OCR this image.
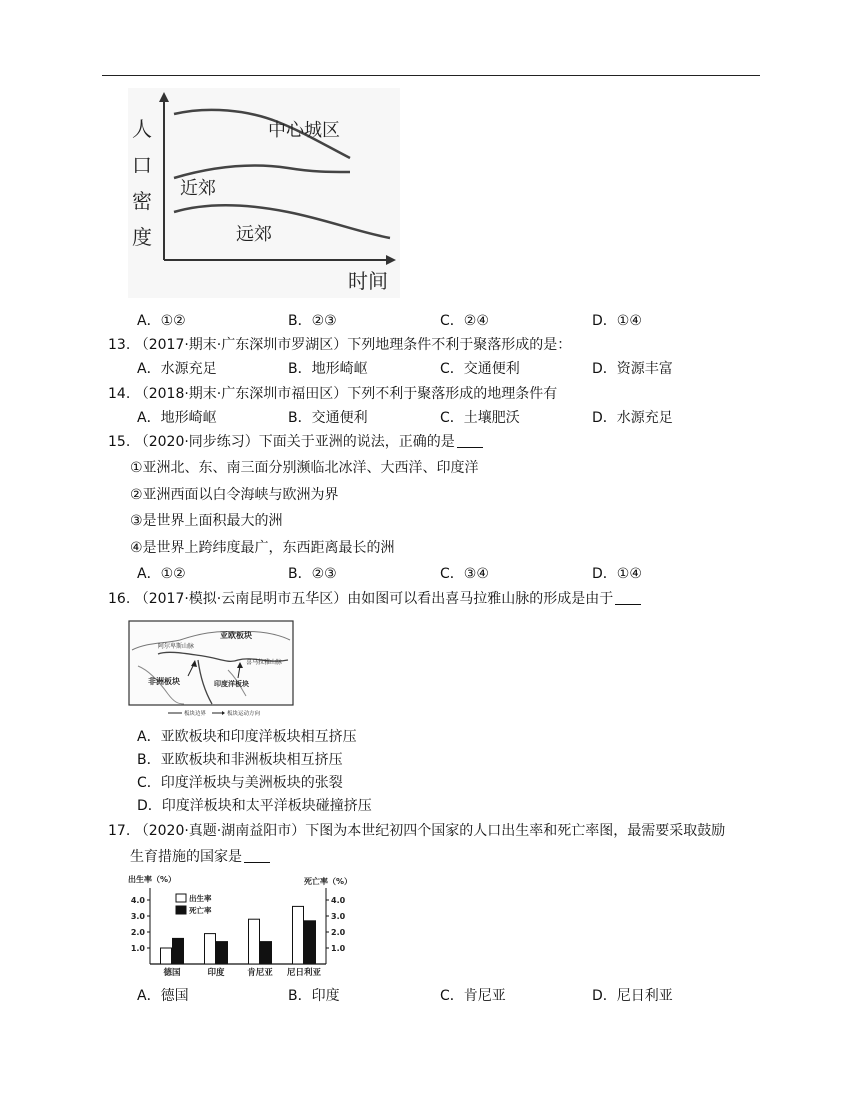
人
口
密
度
时间
中心城区
近郊
远郊
A．①②	B．②③	C．②④	D．①④
13. （2017·期末·广东深圳市罗湖区）下列地理条件不利于聚落形成的是：
A．水源充足	B．地形崎岖	C．交通便利	D．资源丰富
14. （2018·期末·广东深圳市福田区）下列不利于聚落形成的地理条件有
A．地形崎岖	B．交通便利	C．土壤肥沃	D．水源充足
15. （2020·同步练习）下面关于亚洲的说法，正确的是
①亚洲北、东、南三面分别濒临北冰洋、大西洋、印度洋
②亚洲西面以白令海峡与欧洲为界
③是世界上面积最大的洲
④是世界上跨纬度最广，东西距离最长的洲
A．①②	B．②③	C．③④	D．①④
16. （2017·模拟·云南昆明市五华区）由如图可以看出喜马拉雅山脉的形成是由于
亚欧板块
阿尔卑斯山脉
喜马拉雅山脉
非洲板块	印度洋板块
板块边界	板块运动方向
A．亚欧板块和印度洋板块相互挤压
B．亚欧板块和非洲板块相互挤压
C．印度洋板块与美洲板块的张裂
D．印度洋板块和太平洋板块碰撞挤压
17. （2020·真题·湖南益阳市）下图为本世纪初四个国家的人口出生率和死亡率图，最需要采取鼓励
生育措施的国家是
出生率（%）	死亡率（%）
出生率
死亡率
1.0	1.0
2.0	2.0
3.0	3.0
4.0	4.0
德国	印度	肯尼亚 尼日利亚
A．德国	B．印度	C．肯尼亚	D．尼日利亚
